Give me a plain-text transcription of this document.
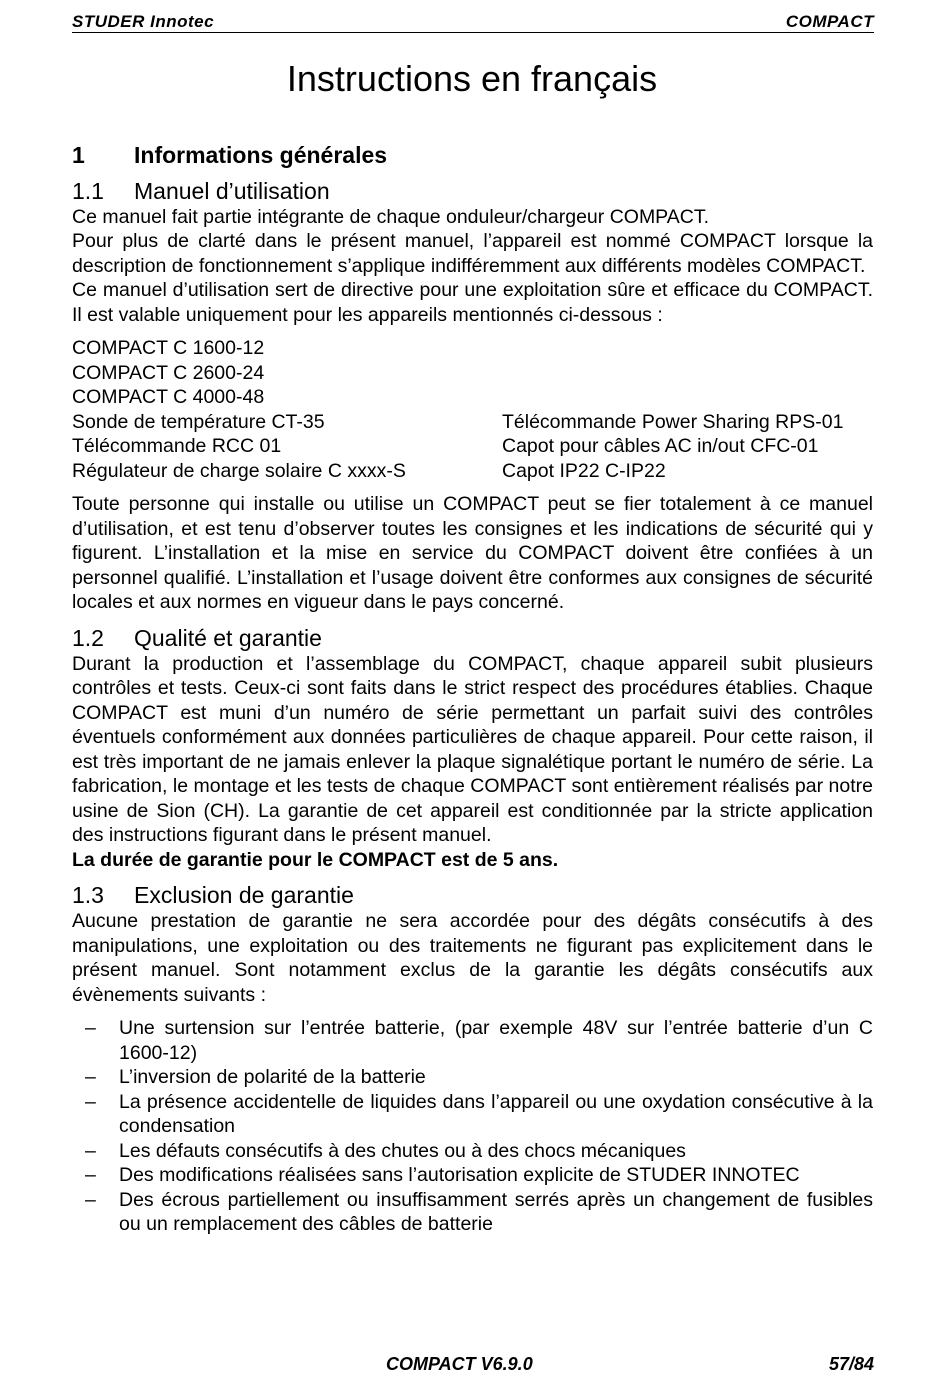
STUDER Innotec	COMPACT
Instructions en français
1 Informations générales
1.1 Manuel d’utilisation

Ce manuel fait partie intégrante de chaque onduleur/chargeur COMPACT.

Pour plus de clarté dans le présent manuel, l’appareil est nommé COMPACT lorsque la description de fonctionnement s’applique indifféremment aux différents modèles COMPACT.

Ce manuel d’utilisation sert de directive pour une exploitation sûre et efficace du COMPACT. Il est valable uniquement pour les appareils mentionnés ci-dessous :

COMPACT C 1600-12
COMPACT C 2600-24
COMPACT C 4000-48
Sonde de température CT-35	Télécommande Power Sharing RPS-01
Télécommande RCC 01	Capot pour câbles AC in/out CFC-01
Régulateur de charge solaire C xxxx-S	Capot IP22 C-IP22

Toute personne qui installe ou utilise un COMPACT peut se fier totalement à ce manuel d’utilisation, et est tenu d’observer toutes les consignes et les indications de sécurité qui y figurent. L’installation et la mise en service du COMPACT doivent être confiées à un personnel qualifié. L’installation et l’usage doivent être conformes aux consignes de sécurité locales et aux normes en vigueur dans le pays concerné.

1.2 Qualité et garantie

Durant la production et l’assemblage du COMPACT, chaque appareil subit plusieurs contrôles et tests. Ceux-ci sont faits dans le strict respect des procédures établies. Chaque COMPACT est muni d’un numéro de série permettant un parfait suivi des contrôles éventuels conformément aux données particulières de chaque appareil. Pour cette raison, il est très important de ne jamais enlever la plaque signalétique portant le numéro de série. La fabrication, le montage et les tests de chaque COMPACT sont entièrement réalisés par notre usine de Sion (CH). La garantie de cet appareil est conditionnée par la stricte application des instructions figurant dans le présent manuel.

La durée de garantie pour le COMPACT est de 5 ans.

1.3 Exclusion de garantie

Aucune prestation de garantie ne sera accordée pour des dégâts consécutifs à des manipulations, une exploitation ou des traitements ne figurant pas explicitement dans le présent manuel. Sont notamment exclus de la garantie les dégâts consécutifs aux évènements suivants :

–	Une surtension sur l’entrée batterie, (par exemple 48V sur l’entrée batterie d’un C 1600-12)
–	L’inversion de polarité de la batterie
–	La présence accidentelle de liquides dans l’appareil ou une oxydation consécutive à la condensation
–	Les défauts consécutifs à des chutes ou à des chocs mécaniques
–	Des modifications réalisées sans l’autorisation explicite de STUDER INNOTEC
–	Des écrous partiellement ou insuffisamment serrés après un changement de fusibles ou un remplacement des câbles de batterie
COMPACT V6.9.0	57/84
